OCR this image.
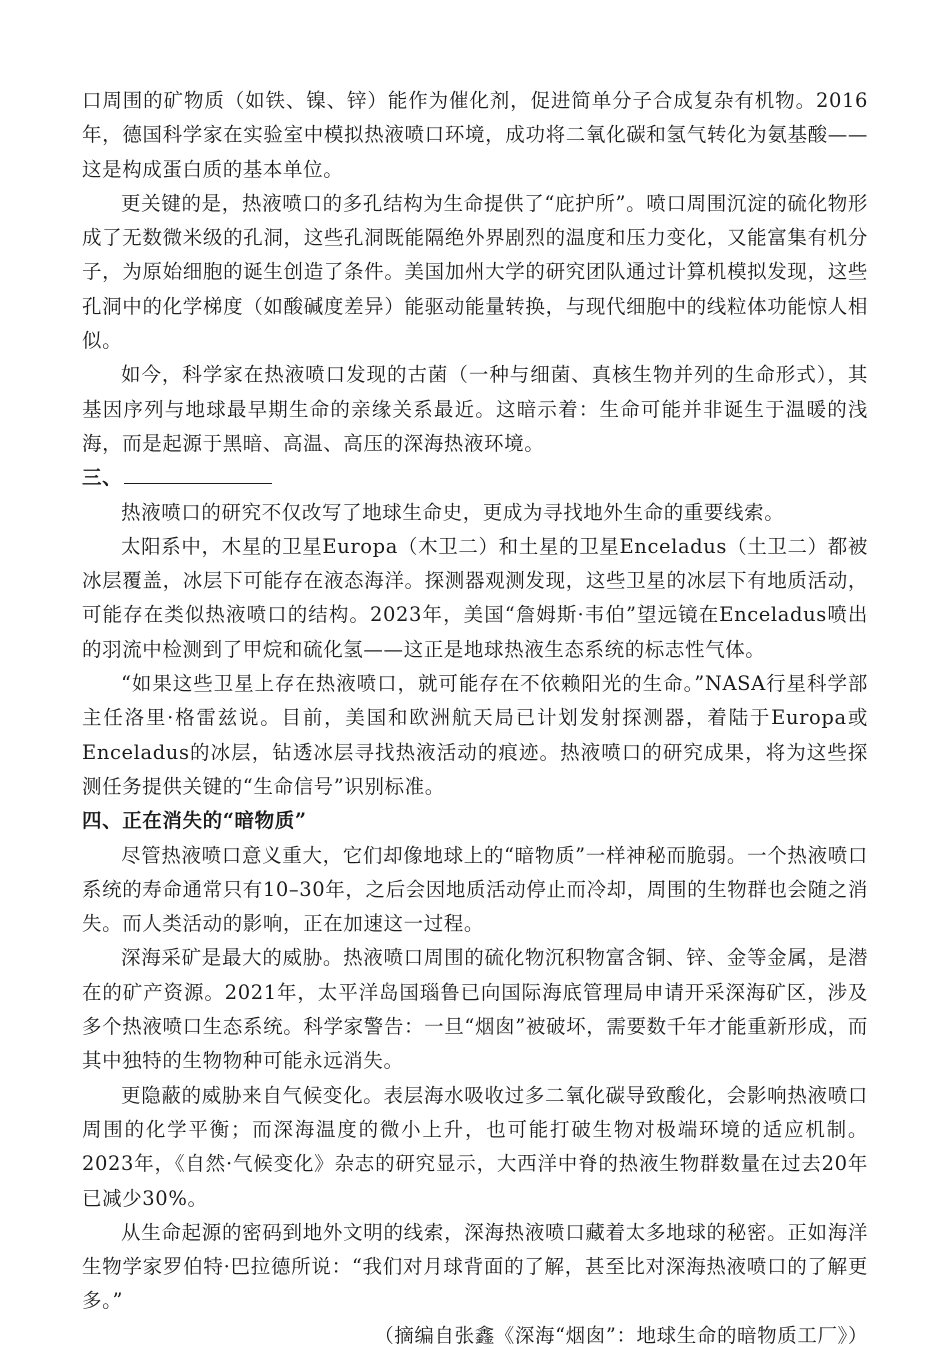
口周围的矿物质（如铁、镍、锌）能作为催化剂，促进简单分子合成复杂有机物。2016年，德国科学家在实验室中模拟热液喷口环境，成功将二氧化碳和氢气转化为氨基酸——这是构成蛋白质的基本单位。

更关键的是，热液喷口的多孔结构为生命提供了“庇护所”。喷口周围沉淀的硫化物形成了无数微米级的孔洞，这些孔洞既能隔绝外界剧烈的温度和压力变化，又能富集有机分子，为原始细胞的诞生创造了条件。美国加州大学的研究团队通过计算机模拟发现，这些孔洞中的化学梯度（如酸碱度差异）能驱动能量转换，与现代细胞中的线粒体功能惊人相似。

如今，科学家在热液喷口发现的古菌（一种与细菌、真核生物并列的生命形式），其基因序列与地球最早期生命的亲缘关系最近。这暗示着：生命可能并非诞生于温暖的浅海，而是起源于黑暗、高温、高压的深海热液环境。

三、

热液喷口的研究不仅改写了地球生命史，更成为寻找地外生命的重要线索。

太阳系中，木星的卫星Europa（木卫二）和土星的卫星Enceladus（土卫二）都被冰层覆盖，冰层下可能存在液态海洋。探测器观测发现，这些卫星的冰层下有地质活动，可能存在类似热液喷口的结构。2023年，美国“詹姆斯·韦伯”望远镜在Enceladus喷出的羽流中检测到了甲烷和硫化氢——这正是地球热液生态系统的标志性气体。

“如果这些卫星上存在热液喷口，就可能存在不依赖阳光的生命。”NASA行星科学部主任洛里·格雷兹说。目前，美国和欧洲航天局已计划发射探测器，着陆于Europa或Enceladus的冰层，钻透冰层寻找热液活动的痕迹。热液喷口的研究成果，将为这些探测任务提供关键的“生命信号”识别标准。

四、正在消失的“暗物质”

尽管热液喷口意义重大，它们却像地球上的“暗物质”一样神秘而脆弱。一个热液喷口系统的寿命通常只有10–30年，之后会因地质活动停止而冷却，周围的生物群也会随之消失。而人类活动的影响，正在加速这一过程。

深海采矿是最大的威胁。热液喷口周围的硫化物沉积物富含铜、锌、金等金属，是潜在的矿产资源。2021年，太平洋岛国瑙鲁已向国际海底管理局申请开采深海矿区，涉及多个热液喷口生态系统。科学家警告：一旦“烟囱”被破坏，需要数千年才能重新形成，而其中独特的生物物种可能永远消失。

更隐蔽的威胁来自气候变化。表层海水吸收过多二氧化碳导致酸化，会影响热液喷口周围的化学平衡；而深海温度的微小上升，也可能打破生物对极端环境的适应机制。2023年，《自然·气候变化》杂志的研究显示，大西洋中脊的热液生物群数量在过去20年已减少30%。

从生命起源的密码到地外文明的线索，深海热液喷口藏着太多地球的秘密。正如海洋生物学家罗伯特·巴拉德所说：“我们对月球背面的了解，甚至比对深海热液喷口的了解更多。”

（摘编自张鑫《深海“烟囱”：地球生命的暗物质工厂》）
